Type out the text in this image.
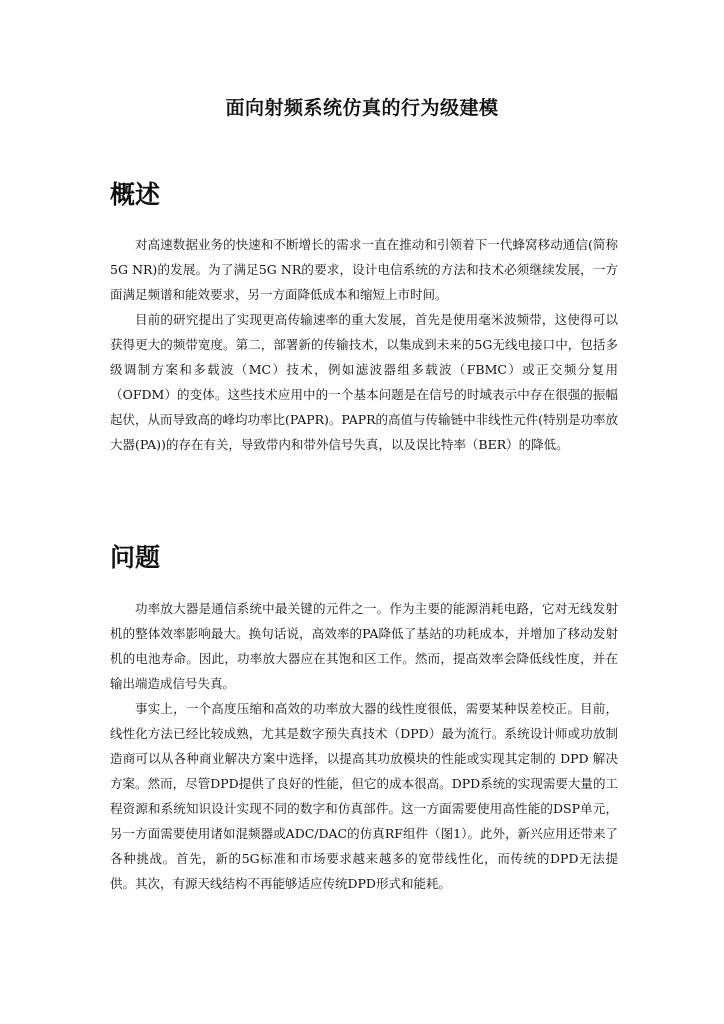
面向射频系统仿真的行为级建模
概述

对高速数据业务的快速和不断增长的需求一直在推动和引领着下一代蜂窝移动通信(简称5G NR)的发展。为了满足5G NR的要求，设计电信系统的方法和技术必须继续发展，一方面满足频谱和能效要求，另一方面降低成本和缩短上市时间。

目前的研究提出了实现更高传输速率的重大发展，首先是使用毫米波频带，这使得可以获得更大的频带宽度。第二，部署新的传输技术，以集成到未来的5G无线电接口中，包括多级调制方案和多载波（MC）技术，例如滤波器组多载波（FBMC）或正交频分复用（OFDM）的变体。这些技术应用中的一个基本问题是在信号的时域表示中存在很强的振幅起伏，从而导致高的峰均功率比(PAPR)。PAPR的高值与传输链中非线性元件(特别是功率放大器(PA))的存在有关，导致带内和带外信号失真，以及误比特率（BER）的降低。

问题

功率放大器是通信系统中最关键的元件之一。作为主要的能源消耗电路，它对无线发射机的整体效率影响最大。换句话说，高效率的PA降低了基站的功耗成本，并增加了移动发射机的电池寿命。因此，功率放大器应在其饱和区工作。然而，提高效率会降低线性度，并在输出端造成信号失真。

事实上，一个高度压缩和高效的功率放大器的线性度很低，需要某种误差校正。目前，线性化方法已经比较成熟，尤其是数字预失真技术（DPD）最为流行。系统设计师或功放制造商可以从各种商业解决方案中选择，以提高其功放模块的性能或实现其定制的 DPD 解决方案。然而，尽管DPD提供了良好的性能，但它的成本很高。DPD系统的实现需要大量的工程资源和系统知识设计实现不同的数字和仿真部件。这一方面需要使用高性能的DSP单元，另一方面需要使用诸如混频器或ADC/DAC的仿真RF组件（图1）。此外，新兴应用还带来了各种挑战。首先，新的5G标准和市场要求越来越多的宽带线性化，而传统的DPD无法提供。其次，有源天线结构不再能够适应传统DPD形式和能耗。
